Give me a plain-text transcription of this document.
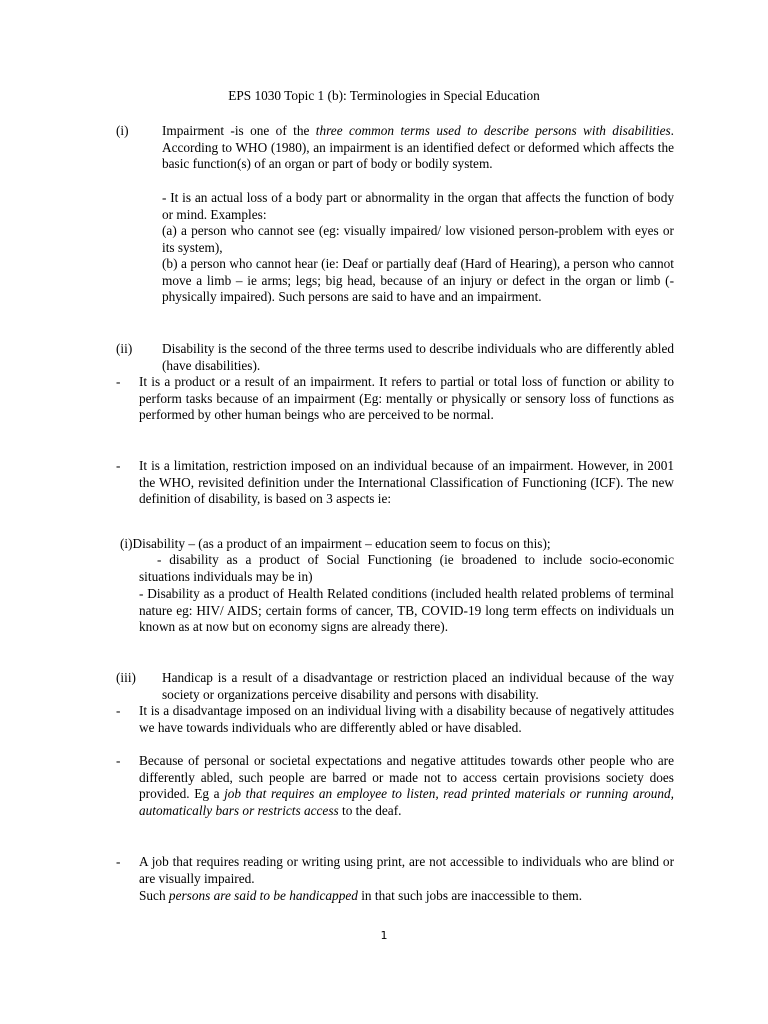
EPS 1030 Topic 1 (b): Terminologies in Special Education
(i)	Impairment -is one of the three common terms used to describe persons with disabilities. According to WHO (1980), an impairment is an identified defect or deformed which affects the basic function(s) of an organ or part of body or bodily system.
- It is an actual loss of a body part or abnormality in the organ that affects the function of body or mind. Examples:
(a) a person who cannot see (eg: visually impaired/ low visioned person-problem with eyes or its system),
(b) a person who cannot hear (ie: Deaf or partially deaf (Hard of Hearing), a person who cannot move a limb – ie arms; legs; big head, because of an injury or defect in the organ or limb (-physically impaired). Such persons are said to have and an impairment.
(ii) Disability is the second of the three terms used to describe individuals who are differently abled (have disabilities).
- It is a product or a result of an impairment. It refers to partial or total loss of function or ability to perform tasks because of an impairment (Eg: mentally or physically or sensory loss of functions as performed by other human beings who are perceived to be normal.
- It is a limitation, restriction imposed on an individual because of an impairment. However, in 2001 the WHO, revisited definition under the International Classification of Functioning (ICF). The new definition of disability, is based on 3 aspects ie:
(i)Disability – (as a product of an impairment – education seem to focus on this);
- disability as a product of Social Functioning (ie broadened to include socio-economic situations individuals may be in)
- Disability as a product of Health Related conditions (included health related problems of terminal nature eg: HIV/ AIDS; certain forms of cancer, TB, COVID-19 long term effects on individuals un known as at now but on economy signs are already there).
(iii) Handicap is a result of a disadvantage or restriction placed an individual because of the way society or organizations perceive disability and persons with disability.
- It is a disadvantage imposed on an individual living with a disability because of negatively attitudes we have towards individuals who are differently abled or have disabled.
- Because of personal or societal expectations and negative attitudes towards other people who are differently abled, such people are barred or made not to access certain provisions society does provided. Eg a job that requires an employee to listen, read printed materials or running around, automatically bars or restricts access to the deaf.
- A job that requires reading or writing using print, are not accessible to individuals who are blind or are visually impaired.
Such persons are said to be handicapped in that such jobs are inaccessible to them.
1
